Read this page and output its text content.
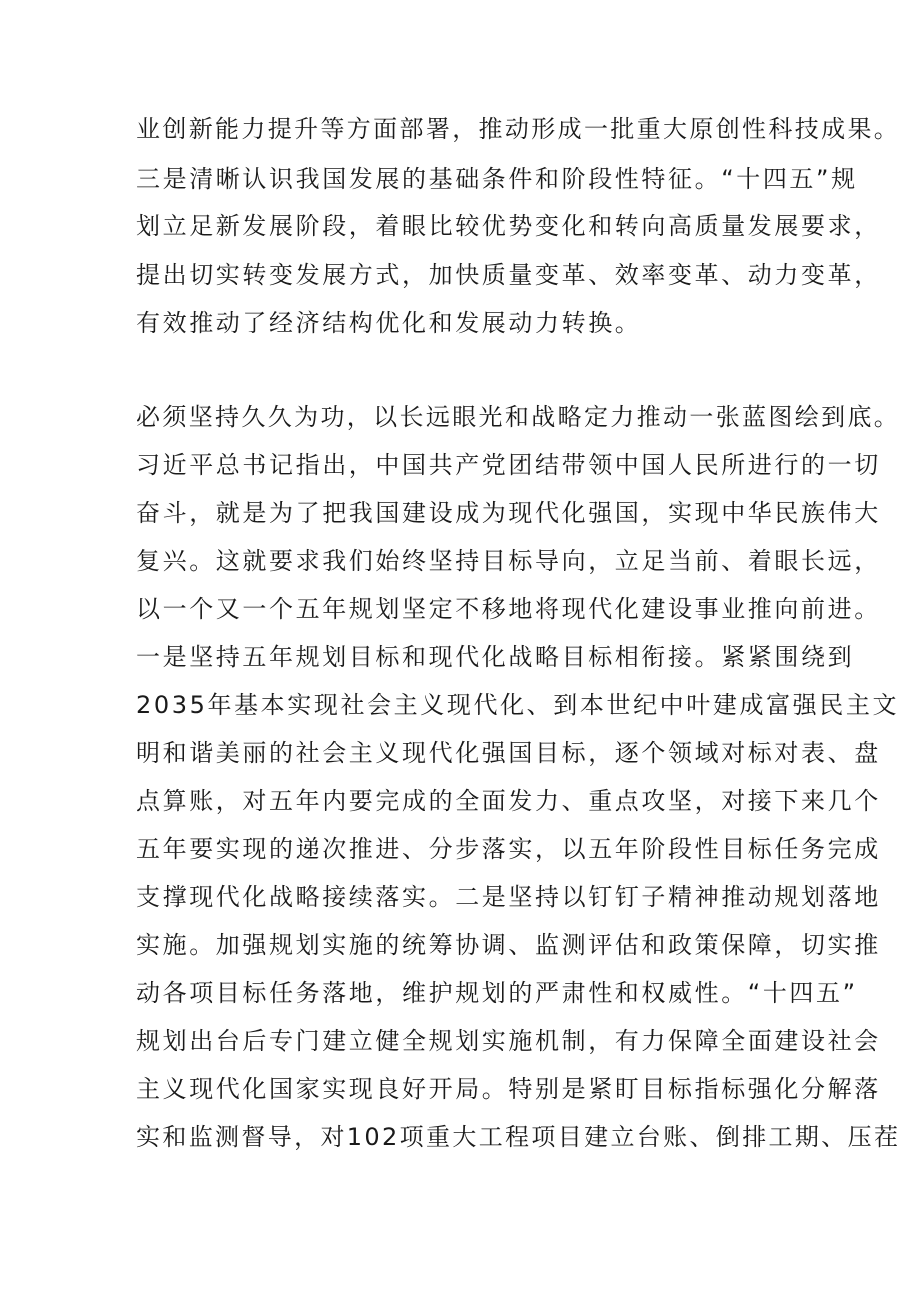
业创新能力提升等方面部署，推动形成一批重大原创性科技成果。
三是清晰认识我国发展的基础条件和阶段性特征。“十四五”规
划立足新发展阶段，着眼比较优势变化和转向高质量发展要求，
提出切实转变发展方式，加快质量变革、效率变革、动力变革，
有效推动了经济结构优化和发展动力转换。
必须坚持久久为功，以长远眼光和战略定力推动一张蓝图绘到底。
习近平总书记指出，中国共产党团结带领中国人民所进行的一切
奋斗，就是为了把我国建设成为现代化强国，实现中华民族伟大
复兴。这就要求我们始终坚持目标导向，立足当前、着眼长远，
以一个又一个五年规划坚定不移地将现代化建设事业推向前进。
一是坚持五年规划目标和现代化战略目标相衔接。紧紧围绕到
2035年基本实现社会主义现代化、到本世纪中叶建成富强民主文
明和谐美丽的社会主义现代化强国目标，逐个领域对标对表、盘
点算账，对五年内要完成的全面发力、重点攻坚，对接下来几个
五年要实现的递次推进、分步落实，以五年阶段性目标任务完成
支撑现代化战略接续落实。二是坚持以钉钉子精神推动规划落地
实施。加强规划实施的统筹协调、监测评估和政策保障，切实推
动各项目标任务落地，维护规划的严肃性和权威性。“十四五”
规划出台后专门建立健全规划实施机制，有力保障全面建设社会
主义现代化国家实现良好开局。特别是紧盯目标指标强化分解落
实和监测督导，对102项重大工程项目建立台账、倒排工期、压茬
